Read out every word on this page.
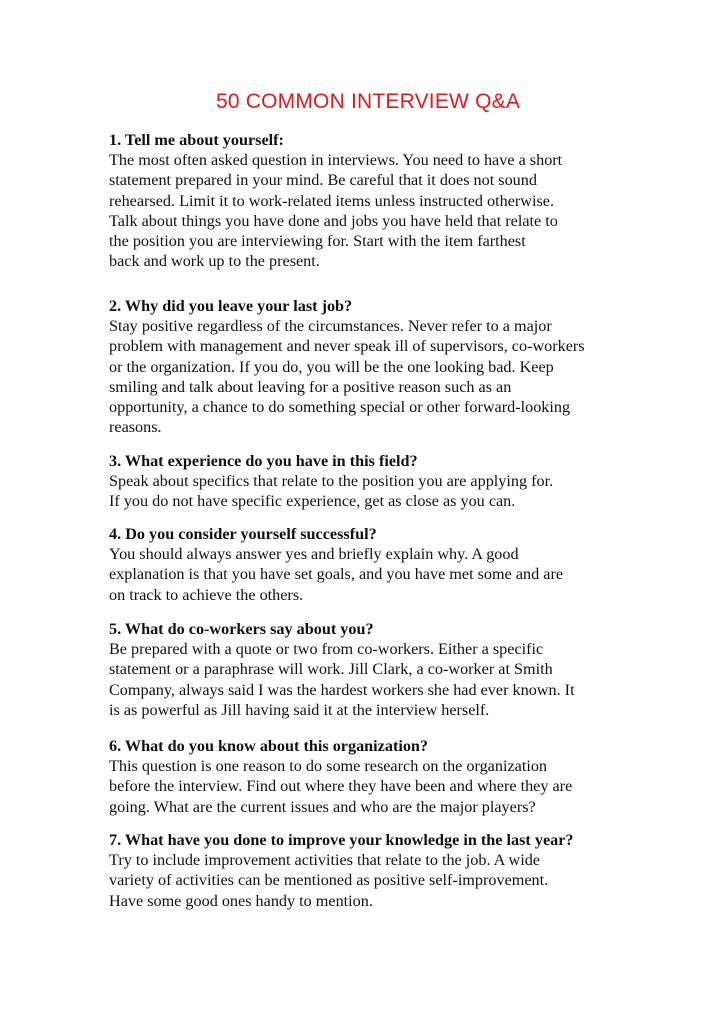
50 COMMON INTERVIEW Q&A

1. Tell me about yourself:

The most often asked question in interviews. You need to have a short

statement prepared in your mind. Be careful that it does not sound

rehearsed. Limit it to work-related items unless instructed otherwise.

Talk about things you have done and jobs you have held that relate to

the position you are interviewing for. Start with the item farthest

back and work up to the present.

2. Why did you leave your last job?

Stay positive regardless of the circumstances. Never refer to a major

problem with management and never speak ill of supervisors, co-workers

or the organization. If you do, you will be the one looking bad. Keep

smiling and talk about leaving for a positive reason such as an

opportunity, a chance to do something special or other forward-looking

reasons.

3. What experience do you have in this field?

Speak about specifics that relate to the position you are applying for.

If you do not have specific experience, get as close as you can.

4. Do you consider yourself successful?

You should always answer yes and briefly explain why. A good

explanation is that you have set goals, and you have met some and are

on track to achieve the others.

5. What do co-workers say about you?

Be prepared with a quote or two from co-workers. Either a specific

statement or a paraphrase will work. Jill Clark, a co-worker at Smith

Company, always said I was the hardest workers she had ever known. It

is as powerful as Jill having said it at the interview herself.

6. What do you know about this organization?

This question is one reason to do some research on the organization

before the interview. Find out where they have been and where they are

going. What are the current issues and who are the major players?

7. What have you done to improve your knowledge in the last year?

Try to include improvement activities that relate to the job. A wide

variety of activities can be mentioned as positive self-improvement.

Have some good ones handy to mention.
